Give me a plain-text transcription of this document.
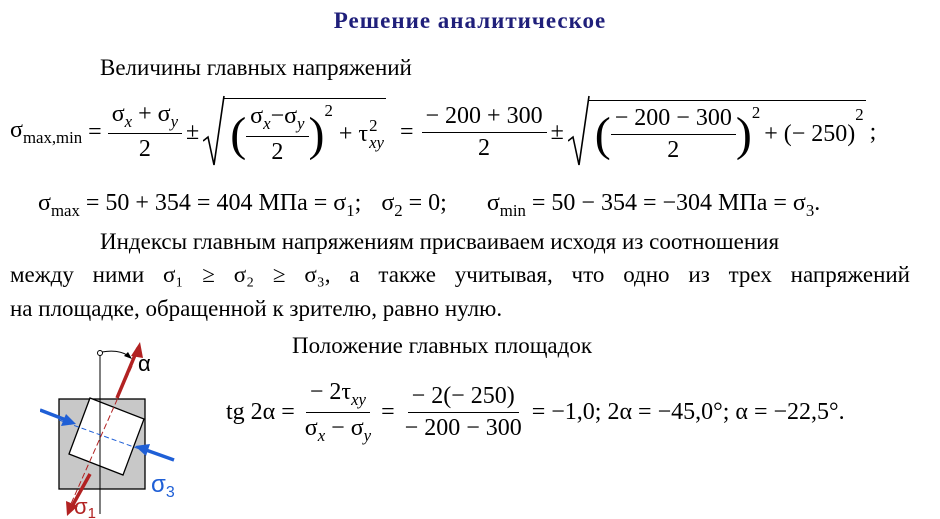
Решение аналитическое
Величины главных напряжений
$\sigma_{max,min} = \frac{\sigma_x + \sigma_y}{2}$ ± ( $\frac{\sigma_x-\sigma_y}{2} )^2$
+ τ 2
xy = $\frac{- 200 + 300}{2}$ ± ( $\frac{- 200 - 300}{2} )^2$
+ (− 250)
$^2$
;
$\sigma_{max} = 50 + 354 = 404$ МПа = $\sigma_1$; $\sigma_2 = 0$; $\sigma_{min} = 50 - 354 = -304$ МПа = $\sigma_3$.
Индексы главным напряжениям присваиваем исходя из соотношения
между ними σ₁ ≥ σ₂ ≥ σ₃, а также учитывая, что одно из трех напряжений
на площадке, обращенной к зрителю, равно нулю.
Положение главных площадок
tg $2\alpha = \frac{- 2\tau_{xy}}{\sigma_x - \sigma_y} = \frac{- 2(- 250)}{- 200 - 300} = -1,0$; 2α = −45,0°; α = −22,5°.
α
$\sigma_3$
σ1
